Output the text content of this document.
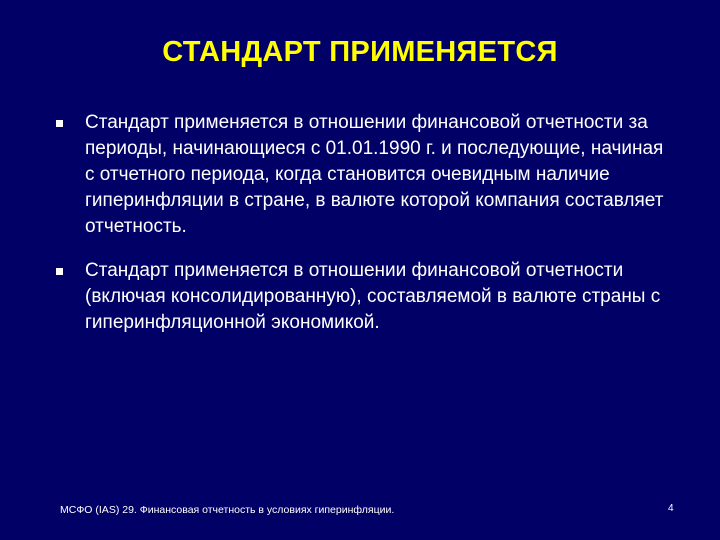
СТАНДАРТ ПРИМЕНЯЕТСЯ
Стандарт применяется в отношении финансовой отчетности за периоды, начинающиеся с 01.01.1990 г. и последующие, начиная с отчетного периода, когда становится очевидным наличие гиперинфляции в стране, в валюте которой компания составляет отчетность.
Стандарт применяется в отношении финансовой отчетности (включая консолидированную), составляемой в валюте страны с гиперинфляционной экономикой.
МСФО (IAS) 29. Финансовая отчетность в условиях гиперинфляции.	4
